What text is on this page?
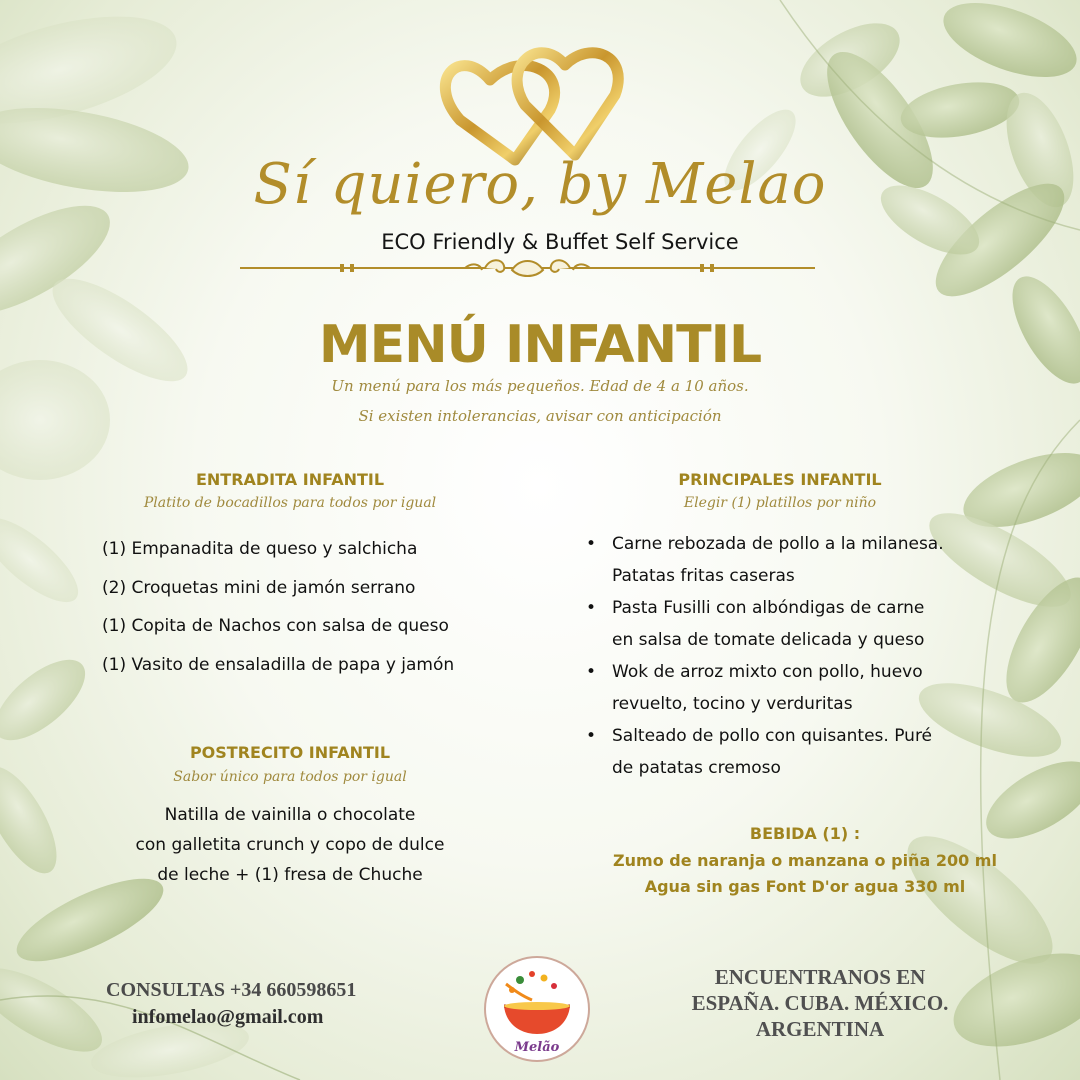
Sí quiero, by Melao
ECO Friendly & Buffet Self Service
MENÚ INFANTIL
Un menú para los más pequeños. Edad de 4 a 10 años.
Si existen intolerancias, avisar con anticipación
ENTRADITA INFANTIL
Platito de bocadillos para todos por igual
(1) Empanadita de queso y salchicha
(2) Croquetas mini de jamón serrano
(1) Copita de Nachos con salsa de queso
(1) Vasito de ensaladilla de papa y jamón
POSTRECITO INFANTIL
Sabor único para todos por igual
Natilla de vainilla o chocolate
con galletita crunch y copo de dulce
de leche + (1) fresa de Chuche
PRINCIPALES INFANTIL
Elegir (1) platillos por niño
• Carne rebozada de pollo a la milanesa.
Patatas fritas caseras
• Pasta Fusilli con albóndigas de carne
en salsa de tomate delicada y queso
• Wok de arroz mixto con pollo, huevo
revuelto, tocino y verduritas
• Salteado de pollo con quisantes. Puré
de patatas cremoso
BEBIDA (1) :
Zumo de naranja o manzana o piña 200 ml
Agua sin gas Font D'or agua 330 ml
CONSULTAS +34 660598651
infomelao@gmail.com
Melão
ENCUENTRANOS EN
ESPAÑA. CUBA. MÉXICO.
ARGENTINA
